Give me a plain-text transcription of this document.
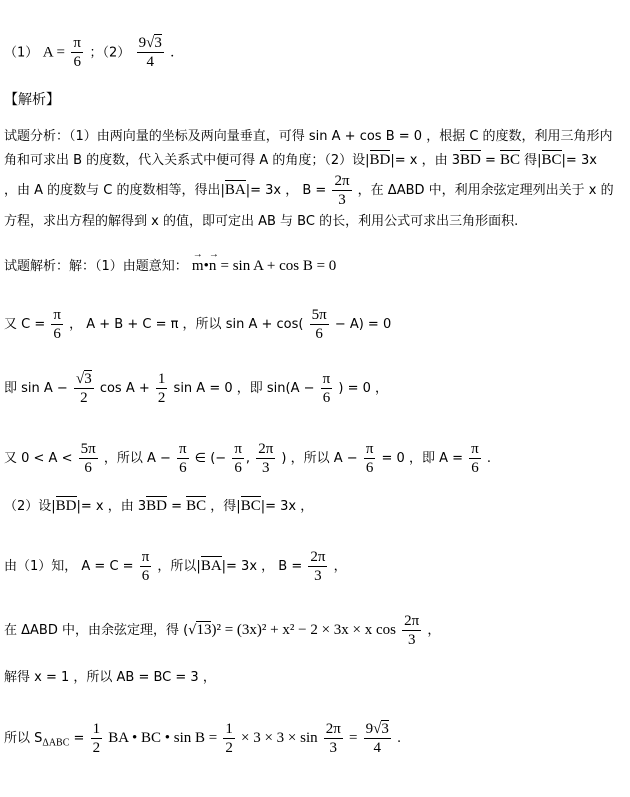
（1） $A = \frac{\pi}{6}$ ；$(2) \frac{9√3}{4}$ .
【解析】
试题分析：（1）由两向量的坐标及两向量垂直，可得 sin A + cos B = 0 ，根据 C 的度数，利用三角形内
角和可求出 B 的度数，代入关系式中便可得 A 的角度；（2）设|BD|= x ，由 3BD = BC 得|BC|= 3x
，由 A 的度数与 C 的度数相等，得出|BA|= 3x ， $B = \frac{2\pi}{3}$ ，在 ΔABD 中，利用余弦定理列出关于 x 的
方程，求出方程的解得到 x 的值，即可定出 AB 与 BC 的长，利用公式可求出三角形面积.
试题解析：解：（1）由题意知： → m•→ n = sin A + cos B = 0
又 $C = \frac{\pi}{6}$ ， A + B + C = π ，所以 $\sin A + \cos( \frac{5\pi}{6} - A) = 0$
即 $\sin A - \frac{√3}{2}$ $\cos A + \frac{1}{2}$ sin A = 0 ，即 $\sin(A - \frac{\pi}{6}$ ) = 0 ，
又 $0 < A < \frac{5\pi}{6}$ ，所以 $A - \frac{\pi}{6}$ ∈ (− $\frac{\pi}{6}$ , $\frac{2\pi}{3}$ ) ，所以 $A - \frac{\pi}{6} = 0$ ，即 $A = \frac{\pi}{6}$ .
（2）设|BD|= x ，由 3BD = BC ，得|BC|= 3x ，
由（1）知， $A = C = \frac{\pi}{6}$ ，所以|BA|= 3x ， $B = \frac{2\pi}{3}$ ，
在 ΔABD 中，由余弦定理，得 (√13)² = (3x)² + x² − 2 × 3x × x $\cos \frac{2\pi}{3}$ ，
解得 x = 1 ，所以 AB = BC = 3 ，
所以 $S_{\Delta ABC} = \frac{1}{2}$ BA • BC • $\sin B = \frac{1}{2} \times 3 \times 3 \times \sin \frac{2\pi}{3} = \frac{9√3}{4}$ .
